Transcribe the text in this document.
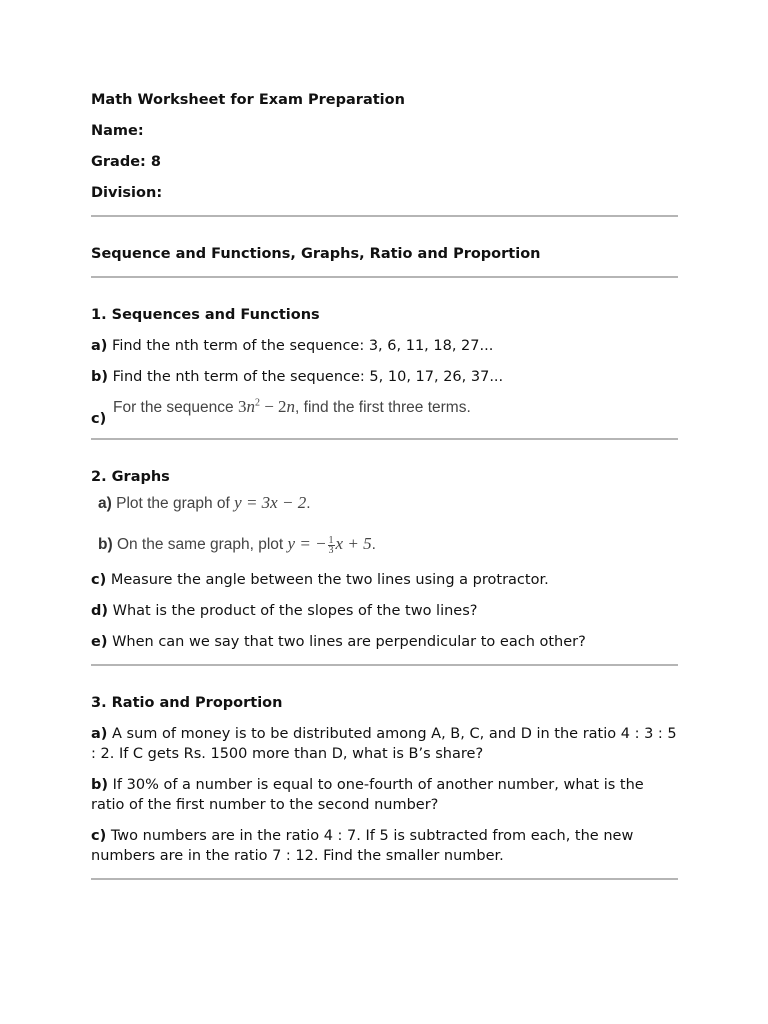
Math Worksheet for Exam Preparation

Name:

Grade: 8

Division:

Sequence and Functions, Graphs, Ratio and Proportion

1. Sequences and Functions

a) Find the nth term of the sequence: 3, 6, 11, 18, 27...

b) Find the nth term of the sequence: 5, 10, 17, 26, 37...

c)
For the sequence $3n^2 - 2n$, find the first three terms.

2. Graphs

a) Plot the graph of y = 3x − 2.
b) On the same graph, plot y = − $\frac{1}{3}$ x + 5.

c) Measure the angle between the two lines using a protractor.

d) What is the product of the slopes of the two lines?

e) When can we say that two lines are perpendicular to each other?

3. Ratio and Proportion

a) A sum of money is to be distributed among A, B, C, and D in the ratio 4 : 3 : 5 : 2. If C gets Rs. 1500 more than D, what is B’s share?

b) If 30% of a number is equal to one-fourth of another number, what is the ratio of the first number to the second number?

c) Two numbers are in the ratio 4 : 7. If 5 is subtracted from each, the new numbers are in the ratio 7 : 12. Find the smaller number.
